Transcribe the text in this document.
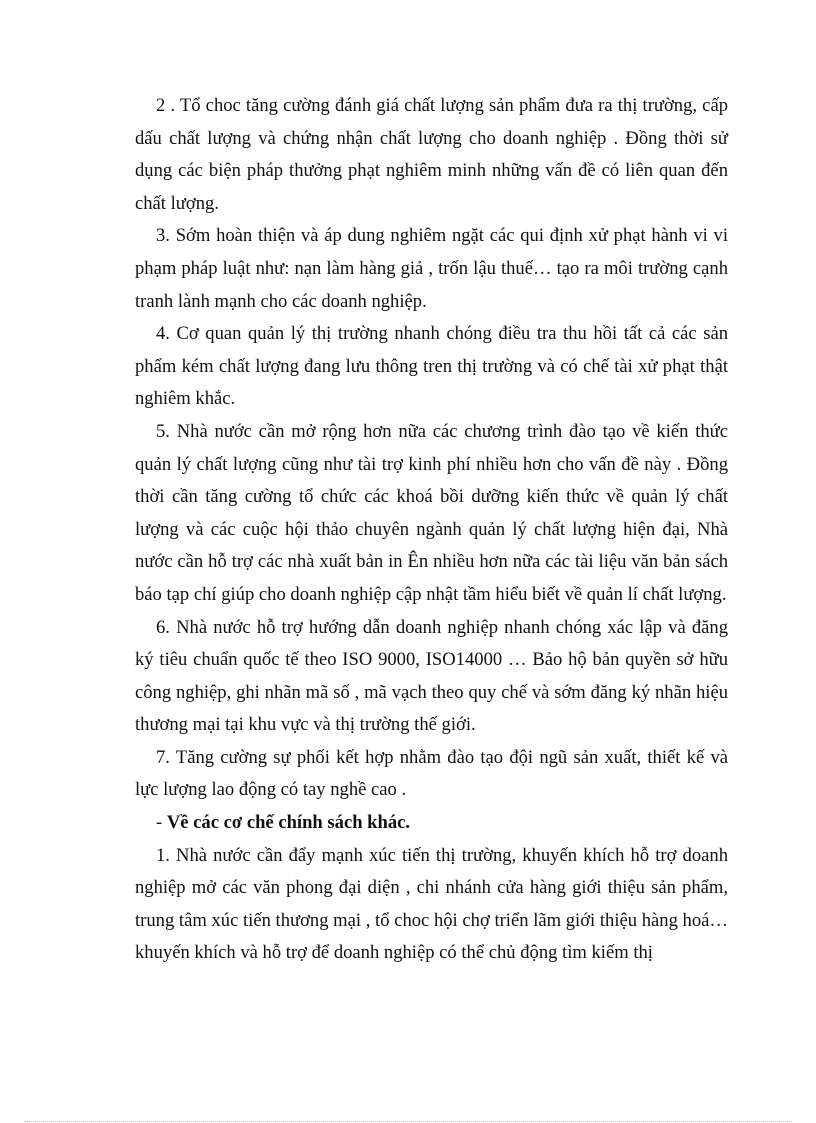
2 . Tổ choc tăng cường đánh giá chất lượng sản phẩm đưa ra thị trường, cấp dấu chất lượng và chứng nhận chất lượng cho doanh nghiệp . Đồng thời sử dụng các biện pháp thưởng phạt nghiêm minh những vấn đề có liên quan đến chất lượng.

3. Sớm hoàn thiện và áp dung nghiêm ngặt các qui định xử phạt hành vi vi phạm pháp luật như: nạn làm hàng giả , trốn lậu thuế… tạo ra môi trường cạnh tranh lành mạnh cho các doanh nghiệp.

4. Cơ quan quản lý thị trường nhanh chóng điều tra thu hồi tất cả các sản phẩm kém chất lượng đang lưu thông tren thị trường và có chế tài xử phạt thật nghiêm khắc.

5. Nhà nước cần mở rộng hơn nữa các chương trình đào tạo về kiến thức quản lý chất lượng cũng như tài trợ kinh phí nhiều hơn cho vấn đề này . Đồng thời cần tăng cường tổ chức các khoá bồi dưỡng kiến thức về quản lý chất lượng và các cuộc hội thảo chuyên ngành quản lý chất lượng hiện đại, Nhà nước cần hỗ trợ các nhà xuất bản in Ên nhiều hơn nữa các tài liệu văn bản sách báo tạp chí giúp cho doanh nghiệp cập nhật tầm hiểu biết về quản lí chất lượng.

6. Nhà nước hỗ trợ hướng dẫn doanh nghiệp nhanh chóng xác lập và đăng ký tiêu chuẩn quốc tế theo ISO 9000, ISO14000 … Bảo hộ bản quyền sở hữu công nghiệp, ghi nhãn mã số , mã vạch theo quy chế và sớm đăng ký nhãn hiệu thương mại tại khu vực và thị trường thế giới.

7. Tăng cường sự phối kết hợp nhằm đào tạo đội ngũ sản xuất, thiết kế và lực lượng lao động có tay nghề cao .

- Về các cơ chế chính sách khác.

1. Nhà nước cần đẩy mạnh xúc tiến thị trường, khuyến khích hỗ trợ doanh nghiệp mở các văn phong đại diện , chi nhánh cửa hàng giới thiệu sản phẩm, trung tâm xúc tiến thương mại , tổ choc hội chợ triển lãm giới thiệu hàng hoá… khuyến khích và hỗ trợ để doanh nghiệp có thể chủ động tìm kiếm thị
